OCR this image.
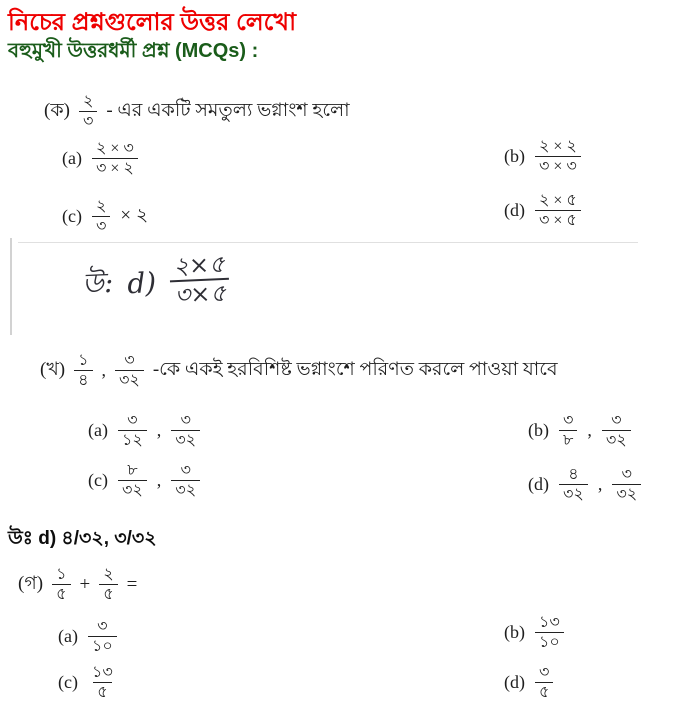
নিচের প্রশ্নগুলোর উত্তর লেখো
বহুমুখী উত্তরধর্মী প্রশ্ন (MCQs) :
(ক) $\frac{২}{৩}$ - এর একটি সমতুল্য ভগ্নাংশ হলো
$(a) \frac{২ \times ৩}{৩ \times ২}$	$(b) \frac{২ \times ২}{৩ \times ৩}$
$(c) \frac{২}{৩}$ × ২	$(d) \frac{২ \times ৫}{৩ \times ৫}$
উ: $d) \frac{২\times ৫}{৩\times ৫}$
(খ) $\frac{১}{৪}$ , $\frac{৩}{৩২}$ -কে একই হরবিশিষ্ট ভগ্নাংশে পরিণত করলে পাওয়া যাবে
$(a) \frac{৩}{১২}$ , $\frac{৩}{৩২}$	$(b) \frac{৩}{৮}$ , $\frac{৩}{৩২}$
$(c) \frac{৮}{৩২}$ , $\frac{৩}{৩২}$	$(d) \frac{৪}{৩২}$ , $\frac{৩}{৩২}$
উঃ d) ৪/৩২, ৩/৩২
(গ) $\frac{১}{৫} + \frac{২}{৫}$ =
$(a) \frac{৩}{১০}$	$(b) \frac{১৩}{১০}$
$(c) \frac{১৩}{৫}$	$(d) \frac{৩}{৫}$
